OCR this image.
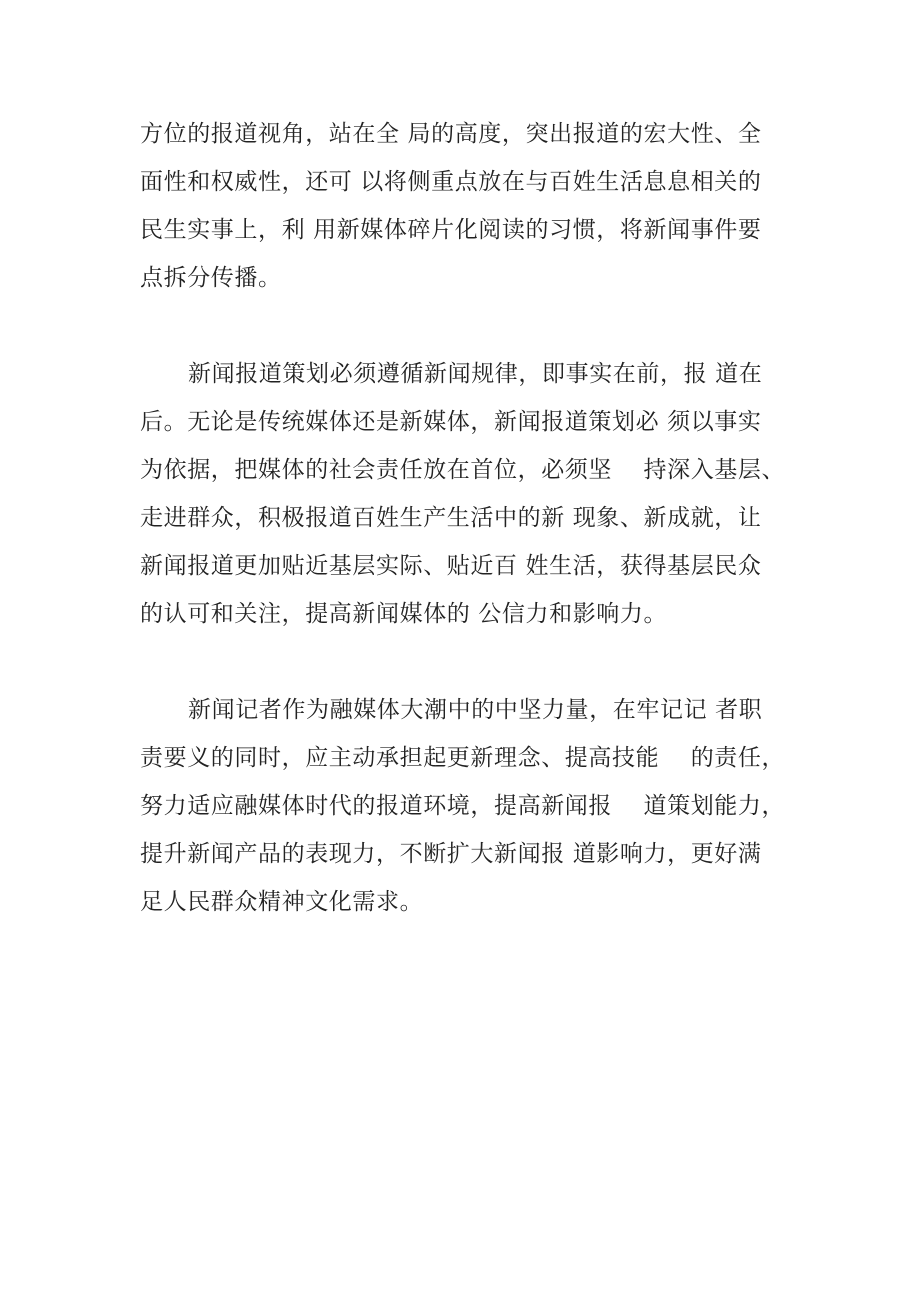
方位的报道视角，站在全 局的高度，突出报道的宏大性、全
面性和权威性，还可 以将侧重点放在与百姓生活息息相关的
民生实事上，利 用新媒体碎片化阅读的习惯，将新闻事件要
点拆分传播。
新闻报道策划必须遵循新闻规律，即事实在前，报 道在
后。无论是传统媒体还是新媒体，新闻报道策划必 须以事实
为依据，把媒体的社会责任放在首位，必须坚　 持深入基层、
走进群众，积极报道百姓生产生活中的新 现象、新成就，让
新闻报道更加贴近基层实际、贴近百 姓生活，获得基层民众
的认可和关注，提高新闻媒体的 公信力和影响力。
新闻记者作为融媒体大潮中的中坚力量，在牢记记 者职
责要义的同时，应主动承担起更新理念、提高技能　 的责任，
努力适应融媒体时代的报道环境，提高新闻报　 道策划能力，
提升新闻产品的表现力，不断扩大新闻报 道影响力，更好满
足人民群众精神文化需求。
